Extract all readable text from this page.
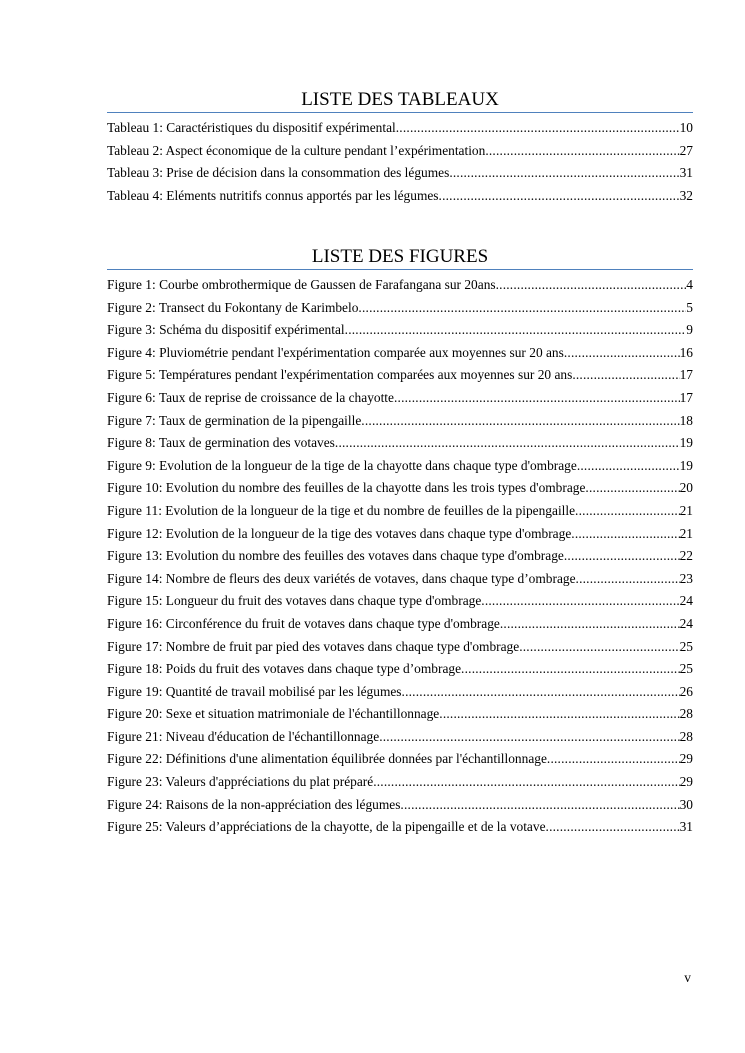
LISTE DES TABLEAUX
Tableau 1: Caractéristiques du dispositif expérimental .....	10
Tableau 2: Aspect économique de la culture pendant l’expérimentation .....	27
Tableau 3: Prise de décision dans la consommation des légumes .....	31
Tableau 4: Eléments nutritifs connus apportés par les légumes .....	32
LISTE DES FIGURES
Figure 1: Courbe ombrothermique de Gaussen de Farafangana sur 20ans .....	4
Figure 2: Transect du Fokontany de Karimbelo .....	5
Figure 3: Schéma du dispositif expérimental .....	9
Figure 4: Pluviométrie pendant l'expérimentation comparée aux moyennes sur 20 ans .....	16
Figure 5: Températures pendant l'expérimentation comparées aux moyennes sur 20 ans .....	17
Figure 6: Taux de reprise de croissance de la chayotte .....	17
Figure 7: Taux de germination de la pipengaille .....	18
Figure 8: Taux de germination des votaves .....	19
Figure 9: Evolution de la longueur de la tige de la chayotte dans chaque type d'ombrage .....	19
Figure 10: Evolution du nombre des feuilles de la chayotte dans les trois types d'ombrage .....	20
Figure 11: Evolution de la longueur de la tige et du nombre de feuilles de la pipengaille .....	21
Figure 12: Evolution de la longueur de la tige des votaves dans chaque type d'ombrage .....	21
Figure 13: Evolution du nombre des feuilles des votaves dans chaque type d'ombrage .....	22
Figure 14: Nombre de fleurs des deux variétés de votaves, dans chaque type d’ombrage .....	23
Figure 15: Longueur du fruit des votaves dans chaque type d'ombrage .....	24
Figure 16: Circonférence du fruit de votaves dans chaque type d'ombrage .....	24
Figure 17: Nombre de fruit par pied des votaves dans chaque type d'ombrage .....	25
Figure 18: Poids du fruit des votaves dans chaque type d’ombrage .....	25
Figure 19: Quantité de travail mobilisé par les légumes .....	26
Figure 20: Sexe et situation matrimoniale de l'échantillonnage .....	28
Figure 21: Niveau d'éducation de l'échantillonnage .....	28
Figure 22: Définitions d'une alimentation équilibrée données par l'échantillonnage .....	29
Figure 23: Valeurs d'appréciations du plat préparé .....	29
Figure 24: Raisons de la non-appréciation des légumes .....	30
Figure 25: Valeurs d’appréciations de la chayotte, de la pipengaille et de la votave .....	31
v
